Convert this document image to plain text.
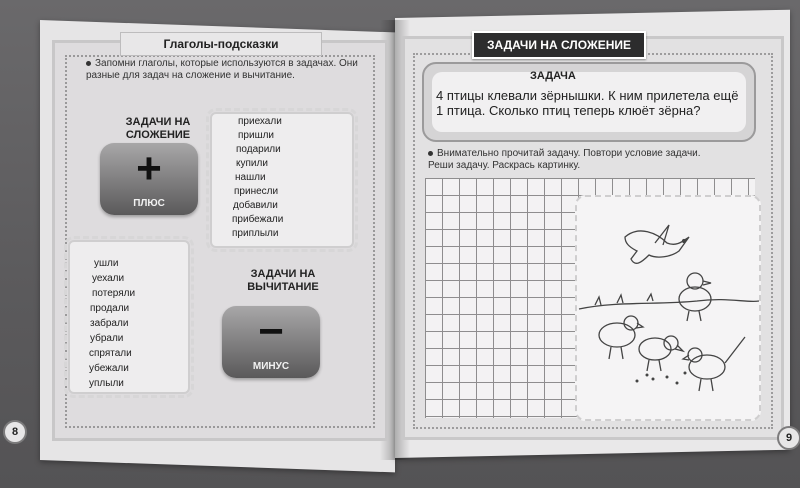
Глаголы-подсказки
Запомни глаголы, которые используются в задачах. Они разные для задач на сложение и вычитание.
ЗАДАЧИ НА СЛОЖЕНИЕ
+
ПЛЮС
приехали
пришли
подарили
купили
нашли
принесли
добавили
прибежали
приплыли
ушли
уехали
потеряли
продали
забрали
убрали
спрятали
убежали
уплыли
ЗАДАЧИ НА ВЫЧИТАНИЕ
−
МИНУС
8
ЗАДАЧИ НА СЛОЖЕНИЕ
ЗАДАЧА
4 птицы клевали зёрнышки. К ним прилетела ещё 1 птица. Сколько птиц теперь клюёт зёрна?
Внимательно прочитай задачу. Повтори условие задачи. Реши задачу. Раскрась картинку.
9
